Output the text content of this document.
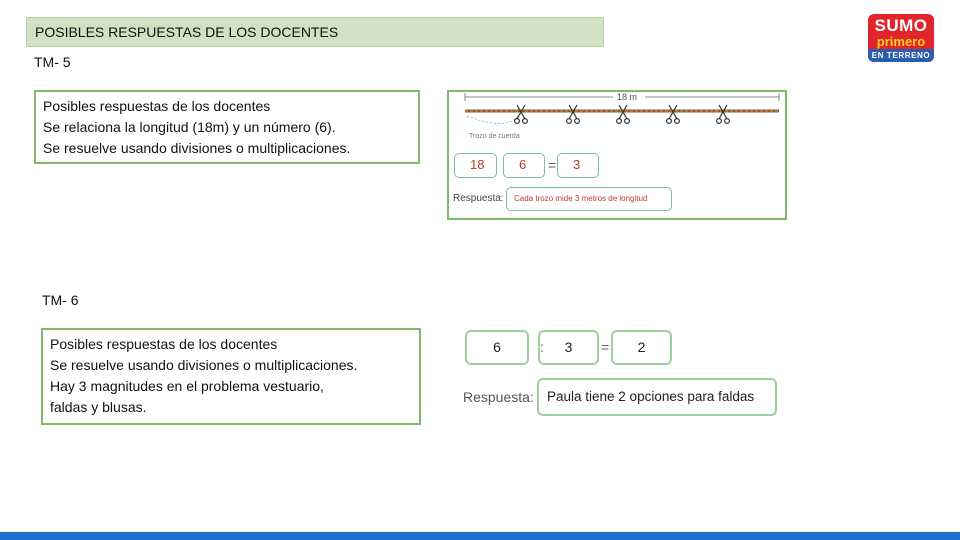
POSIBLES RESPUESTAS DE LOS DOCENTES	SUMO
primero
EN TERRENO
TM- 5
Posibles respuestas de los docentes
Se relaciona la longitud (18m) y un número (6).
Se resuelve usando divisiones o multiplicaciones.
18 m
Trozo de cuerda
18	6	=	3
Respuesta:	Cada trozo mide 3 metros de longitud
TM- 6
Posibles respuestas de los docentes
Se resuelve usando divisiones o multiplicaciones.
Hay 3 magnitudes en el problema vestuario,
faldas y blusas.
6	:	3	=	2
Respuesta: Paula tiene 2 opciones para faldas
